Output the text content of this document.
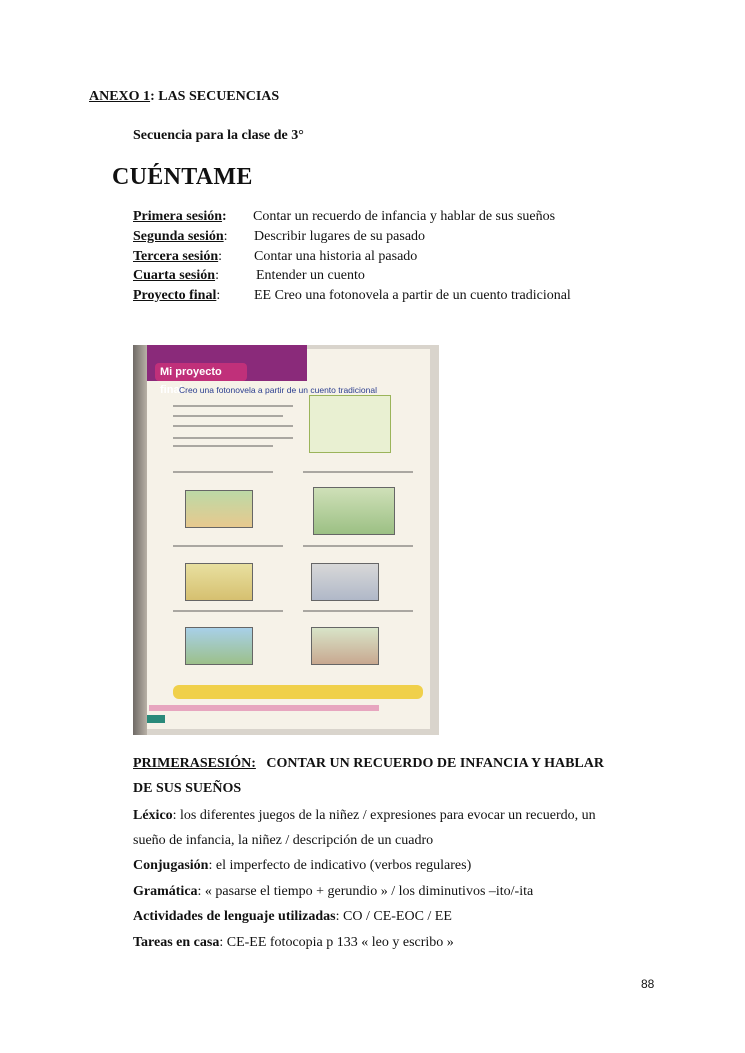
ANEXO 1: LAS SECUENCIAS
Secuencia para la clase de 3°
CUÉNTAME
Primera sesión: Contar un recuerdo de infancia y hablar de sus sueños
Segunda sesión: Describir lugares de su pasado
Tercera sesión: Contar una historia al pasado
Cuarta sesión:	Entender un cuento
Proyecto final: EE Creo una fotonovela a partir de un cuento tradicional
Mi proyecto final
Creo una fotonovela a partir de un cuento tradicional
PRIMERASESIÓN: CONTAR UN RECUERDO DE INFANCIA Y HABLAR
DE SUS SUEÑOS
Léxico: los diferentes juegos de la niñez / expresiones para evocar un recuerdo, un
sueño de infancia, la niñez / descripción de un cuadro
Conjugasión: el imperfecto de indicativo (verbos regulares)
Gramática: « pasarse el tiempo + gerundio » / los diminutivos –ito/-ita
Actividades de lenguaje utilizadas: CO / CE-EOC / EE
Tareas en casa: CE-EE fotocopia p 133 « leo y escribo »
88
